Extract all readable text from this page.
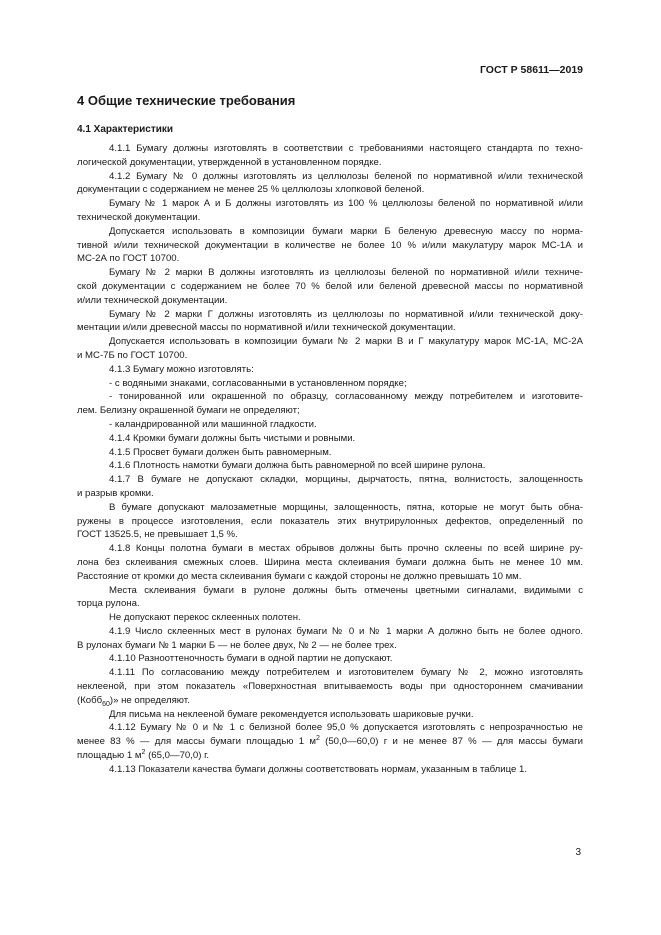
ГОСТ Р 58611—2019
4 Общие технические требования
4.1 Характеристики
4.1.1 Бумагу должны изготовлять в соответствии с требованиями настоящего стандарта по техно-
логической документации, утвержденной в установленном порядке.
4.1.2 Бумагу № 0 должны изготовлять из целлюлозы беленой по нормативной и/или технической
документации с содержанием не менее 25 % целлюлозы хлопковой беленой.
Бумагу № 1 марок А и Б должны изготовлять из 100 % целлюлозы беленой по нормативной и/или
технической документации.
Допускается использовать в композиции бумаги марки Б беленую древесную массу по норма-
тивной и/или технической документации в количестве не более 10 % и/или макулатуру марок МС-1А и
МС-2А по ГОСТ 10700.
Бумагу № 2 марки В должны изготовлять из целлюлозы беленой по нормативной и/или техниче-
ской документации с содержанием не более 70 % белой или беленой древесной массы по нормативной
и/или технической документации.
Бумагу № 2 марки Г должны изготовлять из целлюлозы по нормативной и/или технической доку-
ментации и/или древесной массы по нормативной и/или технической документации.
Допускается использовать в композиции бумаги № 2 марки В и Г макулатуру марок МС-1А, МС-2А
и МС-7Б по ГОСТ 10700.
4.1.3 Бумагу можно изготовлять:
- с водяными знаками, согласованными в установленном порядке;
- тонированной или окрашенной по образцу, согласованному между потребителем и изготовите-
лем. Белизну окрашенной бумаги не определяют;
- каландрированной или машинной гладкости.
4.1.4 Кромки бумаги должны быть чистыми и ровными.
4.1.5 Просвет бумаги должен быть равномерным.
4.1.6 Плотность намотки бумаги должна быть равномерной по всей ширине рулона.
4.1.7 В бумаге не допускают складки, морщины, дырчатость, пятна, волнистость, залощенность
и разрыв кромки.
В бумаге допускают малозаметные морщины, залощенность, пятна, которые не могут быть обна-
ружены в процессе изготовления, если показатель этих внутрирулонных дефектов, определенный по
ГОСТ 13525.5, не превышает 1,5 %.
4.1.8 Концы полотна бумаги в местах обрывов должны быть прочно склеены по всей ширине ру-
лона без склеивания смежных слоев. Ширина места склеивания бумаги должна быть не менее 10 мм.
Расстояние от кромки до места склеивания бумаги с каждой стороны не должно превышать 10 мм.
Места склеивания бумаги в рулоне должны быть отмечены цветными сигналами, видимыми с
торца рулона.
Не допускают перекос склеенных полотен.
4.1.9 Число склеенных мест в рулонах бумаги № 0 и № 1 марки А должно быть не более одного.
В рулонах бумаги № 1 марки Б — не более двух, № 2 — не более трех.
4.1.10 Разнооттеночность бумаги в одной партии не допускают.
4.1.11 По согласованию между потребителем и изготовителем бумагу № 2, можно изготовлять
неклееной, при этом показатель «Поверхностная впитываемость воды при одностороннем смачивании
(Кобб$_{60}$)» не определяют.
Для письма на неклееной бумаге рекомендуется использовать шариковые ручки.
4.1.12 Бумагу № 0 и № 1 с белизной более 95,0 % допускается изготовлять с непрозрачностью не
менее 83 % — для массы бумаги площадью 1 $м^2$ (50,0—60,0) г и не менее 87 % — для массы бумаги
площадью 1 $м^2$ (65,0—70,0) г.
4.1.13 Показатели качества бумаги должны соответствовать нормам, указанным в таблице 1.
3
